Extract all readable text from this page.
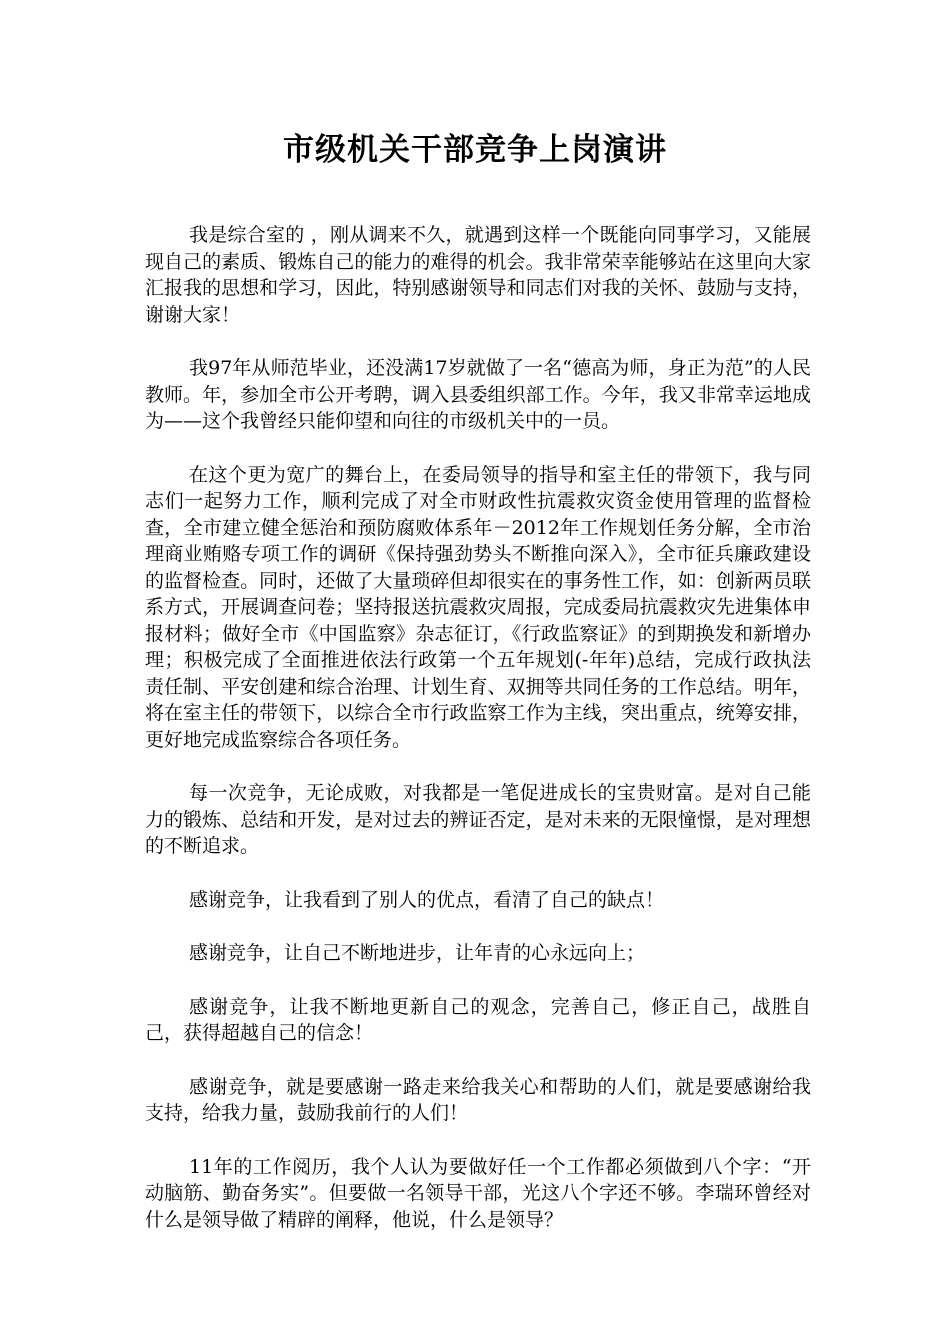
市级机关干部竞争上岗演讲

我是综合室的 ，刚从调来不久，就遇到这样一个既能向同事学习，又能展现自己的素质、锻炼自己的能力的难得的机会。我非常荣幸能够站在这里向大家汇报我的思想和学习，因此，特别感谢领导和同志们对我的关怀、鼓励与支持，谢谢大家！

我97年从师范毕业，还没满17岁就做了一名“德高为师，身正为范”的人民教师。年，参加全市公开考聘，调入县委组织部工作。今年，我又非常幸运地成为——这个我曾经只能仰望和向往的市级机关中的一员。

在这个更为宽广的舞台上，在委局领导的指导和室主任的带领下，我与同志们一起努力工作，顺利完成了对全市财政性抗震救灾资金使用管理的监督检查，全市建立健全惩治和预防腐败体系年－2012年工作规划任务分解，全市治理商业贿赂专项工作的调研《保持强劲势头不断推向深入》，全市征兵廉政建设的监督检查。同时，还做了大量琐碎但却很实在的事务性工作，如：创新两员联系方式，开展调查问卷；坚持报送抗震救灾周报，完成委局抗震救灾先进集体申报材料；做好全市《中国监察》杂志征订，《行政监察证》的到期换发和新增办理；积极完成了全面推进依法行政第一个五年规划(-年年)总结，完成行政执法责任制、平安创建和综合治理、计划生育、双拥等共同任务的工作总结。明年，将在室主任的带领下，以综合全市行政监察工作为主线，突出重点，统筹安排，更好地完成监察综合各项任务。

每一次竞争，无论成败，对我都是一笔促进成长的宝贵财富。是对自己能力的锻炼、总结和开发，是对过去的辨证否定，是对未来的无限憧憬，是对理想的不断追求。

感谢竞争，让我看到了别人的优点，看清了自己的缺点！

感谢竞争，让自己不断地进步，让年青的心永远向上；

感谢竞争，让我不断地更新自己的观念，完善自己，修正自己，战胜自己，获得超越自己的信念！

感谢竞争，就是要感谢一路走来给我关心和帮助的人们，就是要感谢给我支持，给我力量，鼓励我前行的人们！

11年的工作阅历，我个人认为要做好任一个工作都必须做到八个字：“开动脑筋、勤奋务实”。但要做一名领导干部，光这八个字还不够。李瑞环曾经对什么是领导做了精辟的阐释，他说，什么是领导？
